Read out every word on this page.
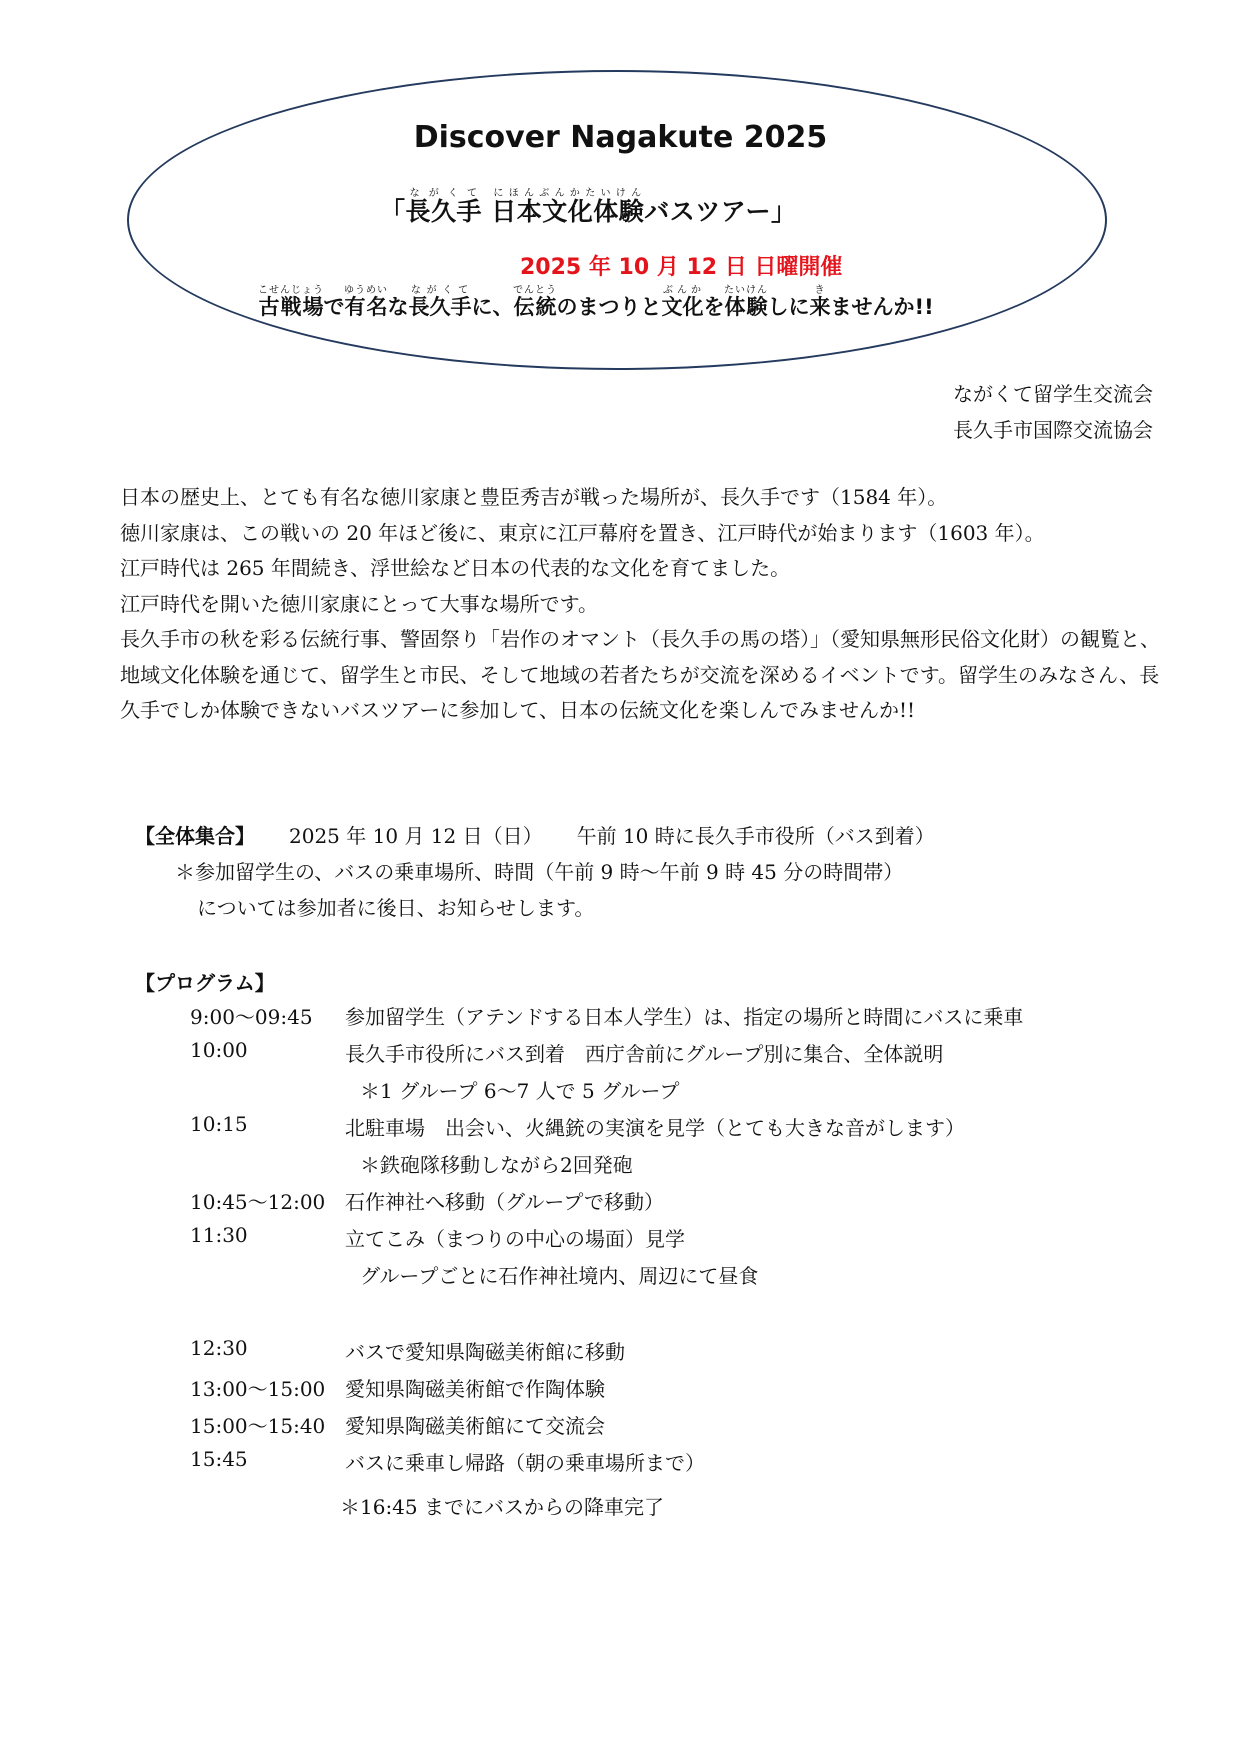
Discover Nagakute 2025
「長久手ながくて 日本文化体験にほんぶんかたいけんバスツアー」
2025 年 10 月 12 日 日曜開催
古戦場こせんじょうで有名ゆうめいな長久手ながくてに、伝統でんとうのまつりと文化ぶんかを体験たいけんしに来きませんか!!
ながくて留学生交流会
長久手市国際交流協会

日本の歴史上、とても有名な徳川家康と豊臣秀吉が戦った場所が、長久手です（1584 年）。

徳川家康は、この戦いの 20 年ほど後に、東京に江戸幕府を置き、江戸時代が始まります（1603 年）。

江戸時代は 265 年間続き、浮世絵など日本の代表的な文化を育てました。

江戸時代を開いた徳川家康にとって大事な場所です。

長久手市の秋を彩る伝統行事、警固祭り「岩作のオマント（長久手の馬の塔）」（愛知県無形民俗文化財）の観覧と、地域文化体験を通じて、留学生と市民、そして地域の若者たちが交流を深めるイベントです。留学生のみなさん、長久手でしか体験できないバスツアーに参加して、日本の伝統文化を楽しんでみませんか!!

【全体集合】 2025 年 10 月 12 日（日） 午前 10 時に長久手市役所（バス到着）
＊参加留学生の、バスの乗車場所、時間（午前 9 時～午前 9 時 45 分の時間帯）
については参加者に後日、お知らせします。
【プログラム】
9:00～09:45 参加留学生（アテンドする日本人学生）は、指定の場所と時間にバスに乗車
10:00	長久手市役所にバス到着　西庁舎前にグループ別に集合、全体説明
＊1 グループ 6～7 人で 5 グループ
10:15	北駐車場　出会い、火縄銃の実演を見学（とても大きな音がします）
＊鉄砲隊移動しながら2回発砲
10:45～12:00 石作神社へ移動（グループで移動）
11:30	立てこみ（まつりの中心の場面）見学
グループごとに石作神社境内、周辺にて昼食
12:30	バスで愛知県陶磁美術館に移動
13:00～15:00 愛知県陶磁美術館で作陶体験
15:00～15:40 愛知県陶磁美術館にて交流会
15:45	バスに乗車し帰路（朝の乗車場所まで）
＊16:45 までにバスからの降車完了
